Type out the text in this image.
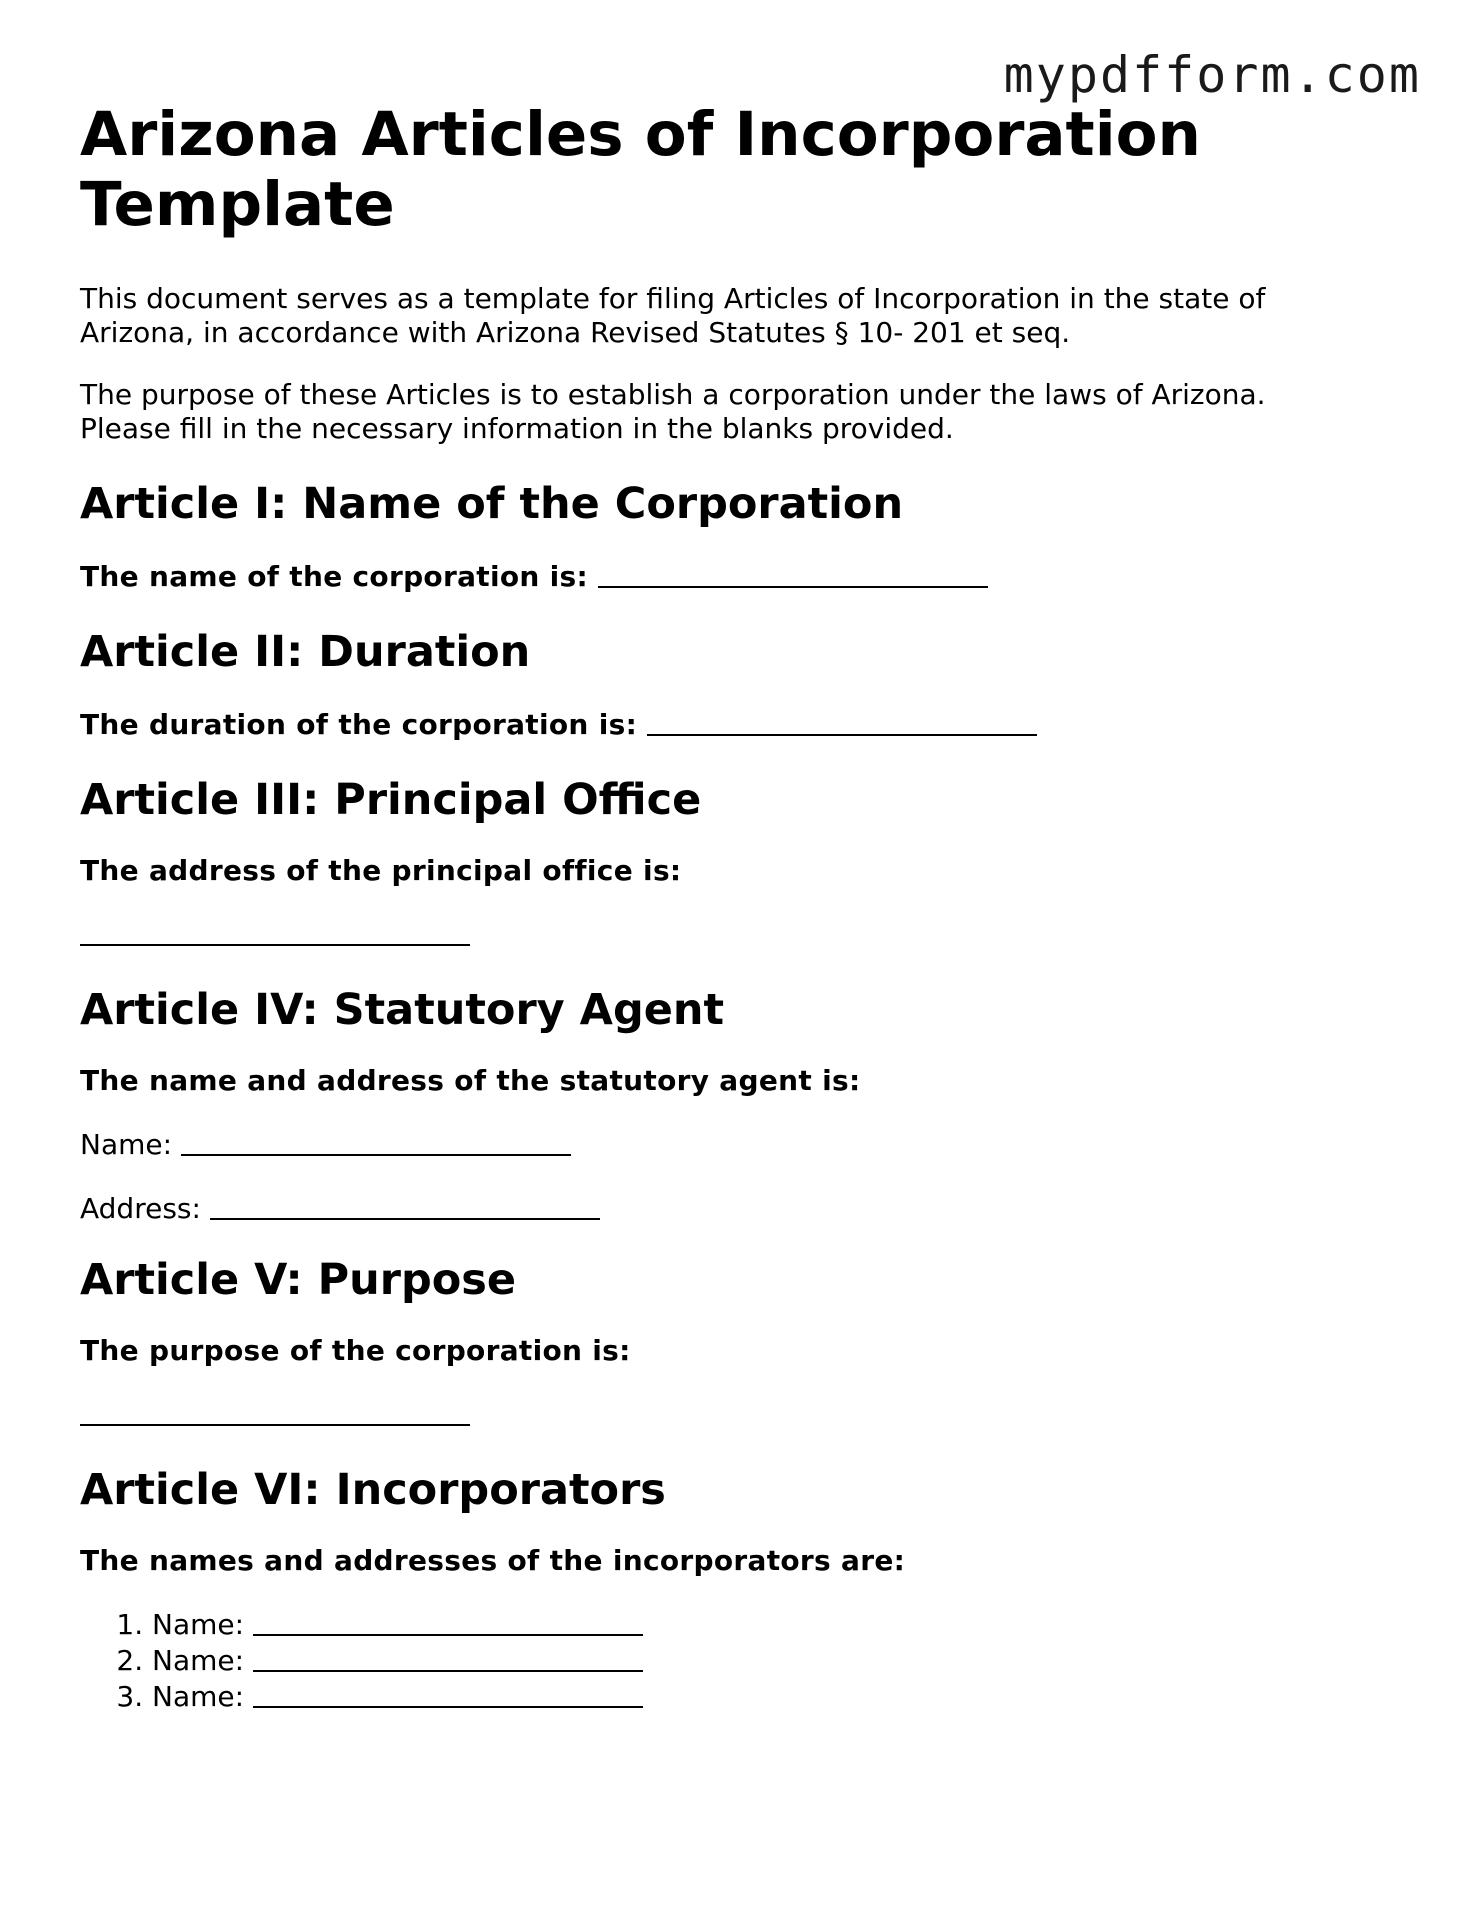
mypdfform.com
Arizona Articles of Incorporation Template

This document serves as a template for filing Articles of Incorporation in the state of Arizona, in accordance with Arizona Revised Statutes § 10- 201 et seq.

The purpose of these Articles is to establish a corporation under the laws of Arizona. Please fill in the necessary information in the blanks provided.

Article I: Name of the Corporation
The name of the corporation is:
Article II: Duration
The duration of the corporation is:
Article III: Principal Office
The address of the principal office is:
Article IV: Statutory Agent
The name and address of the statutory agent is:
Name:
Address:
Article V: Purpose
The purpose of the corporation is:
Article VI: Incorporators
The names and addresses of the incorporators are:
1. Name:
2. Name:
3. Name:
